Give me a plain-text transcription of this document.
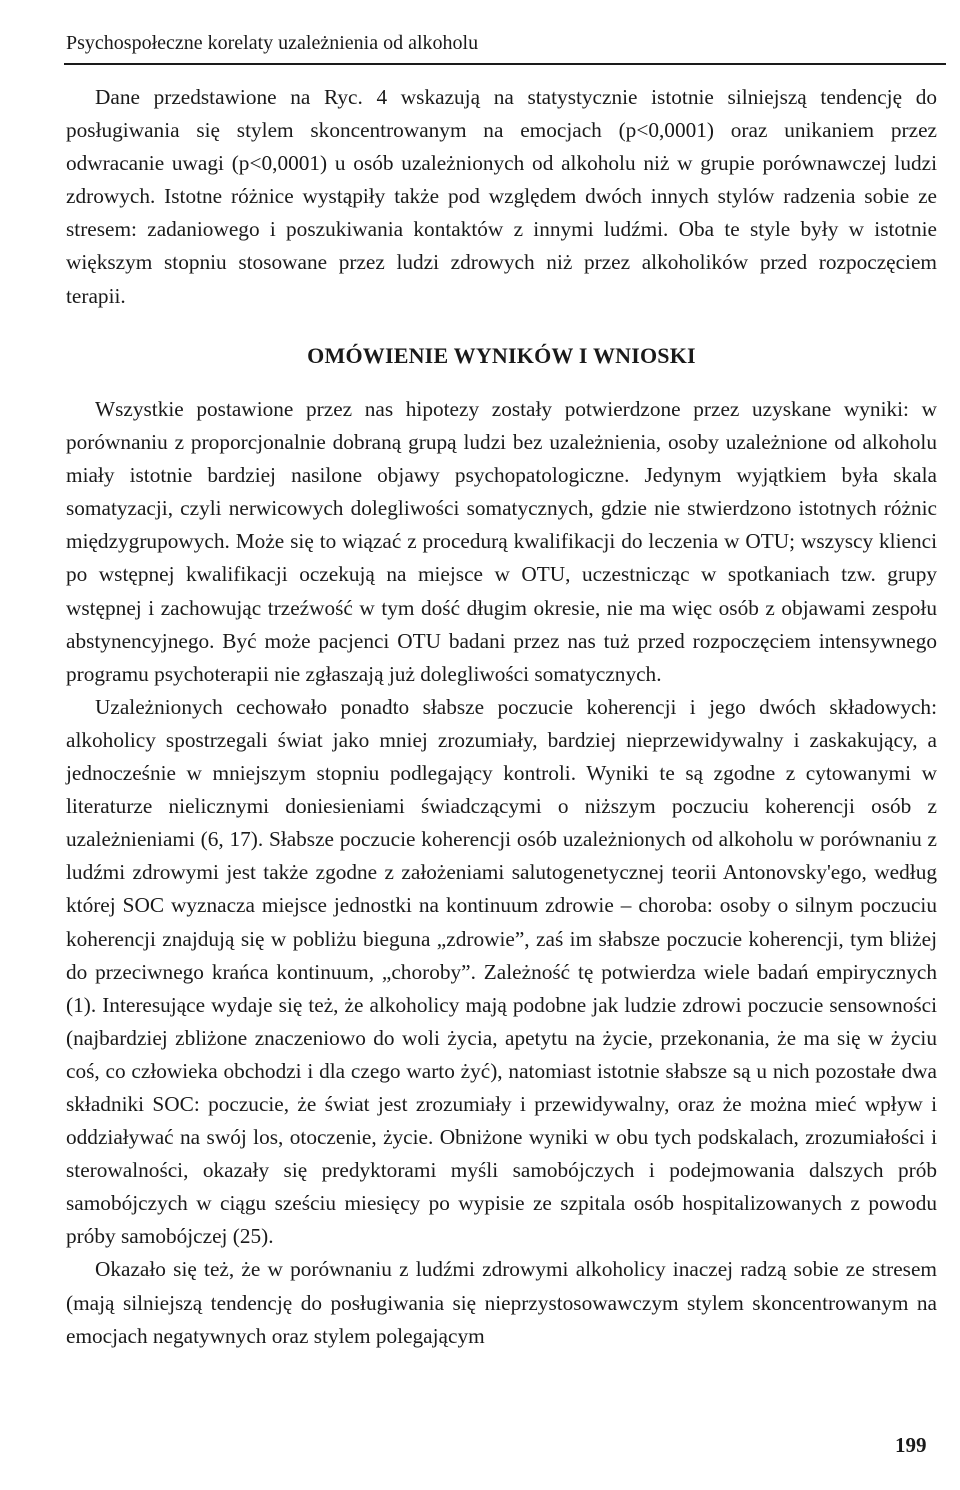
Psychospołeczne korelaty uzależnienia od alkoholu

Dane przedstawione na Ryc. 4 wskazują na statystycznie istotnie silniejszą tendencję do posługiwania się stylem skoncentrowanym na emocjach (p<0,0001) oraz unikaniem przez odwracanie uwagi (p<0,0001) u osób uzależnionych od alkoholu niż w grupie porównawczej ludzi zdrowych. Istotne różnice wystąpiły także pod względem dwóch innych stylów radzenia sobie ze stresem: zadaniowego i poszukiwania kontaktów z innymi ludźmi. Oba te style były w istotnie większym stopniu stosowane przez ludzi zdrowych niż przez alkoholików przed rozpoczęciem terapii.

OMÓWIENIE WYNIKÓW I WNIOSKI

Wszystkie postawione przez nas hipotezy zostały potwierdzone przez uzyskane wyniki: w porównaniu z proporcjonalnie dobraną grupą ludzi bez uzależnienia, osoby uzależnione od alkoholu miały istotnie bardziej nasilone objawy psychopatologiczne. Jedynym wyjątkiem była skala somatyzacji, czyli nerwicowych dolegliwości somatycznych, gdzie nie stwierdzono istotnych różnic międzygrupowych. Może się to wiązać z procedurą kwalifikacji do leczenia w OTU; wszyscy klienci po wstępnej kwalifikacji oczekują na miejsce w OTU, uczestnicząc w spotkaniach tzw. grupy wstępnej i zachowując trzeźwość w tym dość długim okresie, nie ma więc osób z objawami zespołu abstynencyjnego. Być może pacjenci OTU badani przez nas tuż przed rozpoczęciem intensywnego programu psychoterapii nie zgłaszają już dolegliwości somatycznych.

Uzależnionych cechowało ponadto słabsze poczucie koherencji i jego dwóch składowych: alkoholicy spostrzegali świat jako mniej zrozumiały, bardziej nieprzewidywalny i zaskakujący, a jednocześnie w mniejszym stopniu podlegający kontroli. Wyniki te są zgodne z cytowanymi w literaturze nielicznymi doniesieniami świadczącymi o niższym poczuciu koherencji osób z uzależnieniami (6, 17). Słabsze poczucie koherencji osób uzależnionych od alkoholu w porównaniu z ludźmi zdrowymi jest także zgodne z założeniami salutogenetycznej teorii Antonovsky'ego, według której SOC wyznacza miejsce jednostki na kontinuum zdrowie – choroba: osoby o silnym poczuciu koherencji znajdują się w pobliżu bieguna „zdrowie”, zaś im słabsze poczucie koherencji, tym bliżej do przeciwnego krańca kontinuum, „choroby”. Zależność tę potwierdza wiele badań empirycznych (1). Interesujące wydaje się też, że alkoholicy mają podobne jak ludzie zdrowi poczucie sensowności (najbardziej zbliżone znaczeniowo do woli życia, apetytu na życie, przekonania, że ma się w życiu coś, co człowieka obchodzi i dla czego warto żyć), natomiast istotnie słabsze są u nich pozostałe dwa składniki SOC: poczucie, że świat jest zrozumiały i przewidywalny, oraz że można mieć wpływ i oddziaływać na swój los, otoczenie, życie. Obniżone wyniki w obu tych podskalach, zrozumiałości i sterowalności, okazały się predyktorami myśli samobójczych i podejmowania dalszych prób samobójczych w ciągu sześciu miesięcy po wypisie ze szpitala osób hospitalizowanych z powodu próby samobójczej (25).

Okazało się też, że w porównaniu z ludźmi zdrowymi alkoholicy inaczej radzą sobie ze stresem (mają silniejszą tendencję do posługiwania się nieprzystosowawczym stylem skoncentrowanym na emocjach negatywnych oraz stylem polegającym

199
